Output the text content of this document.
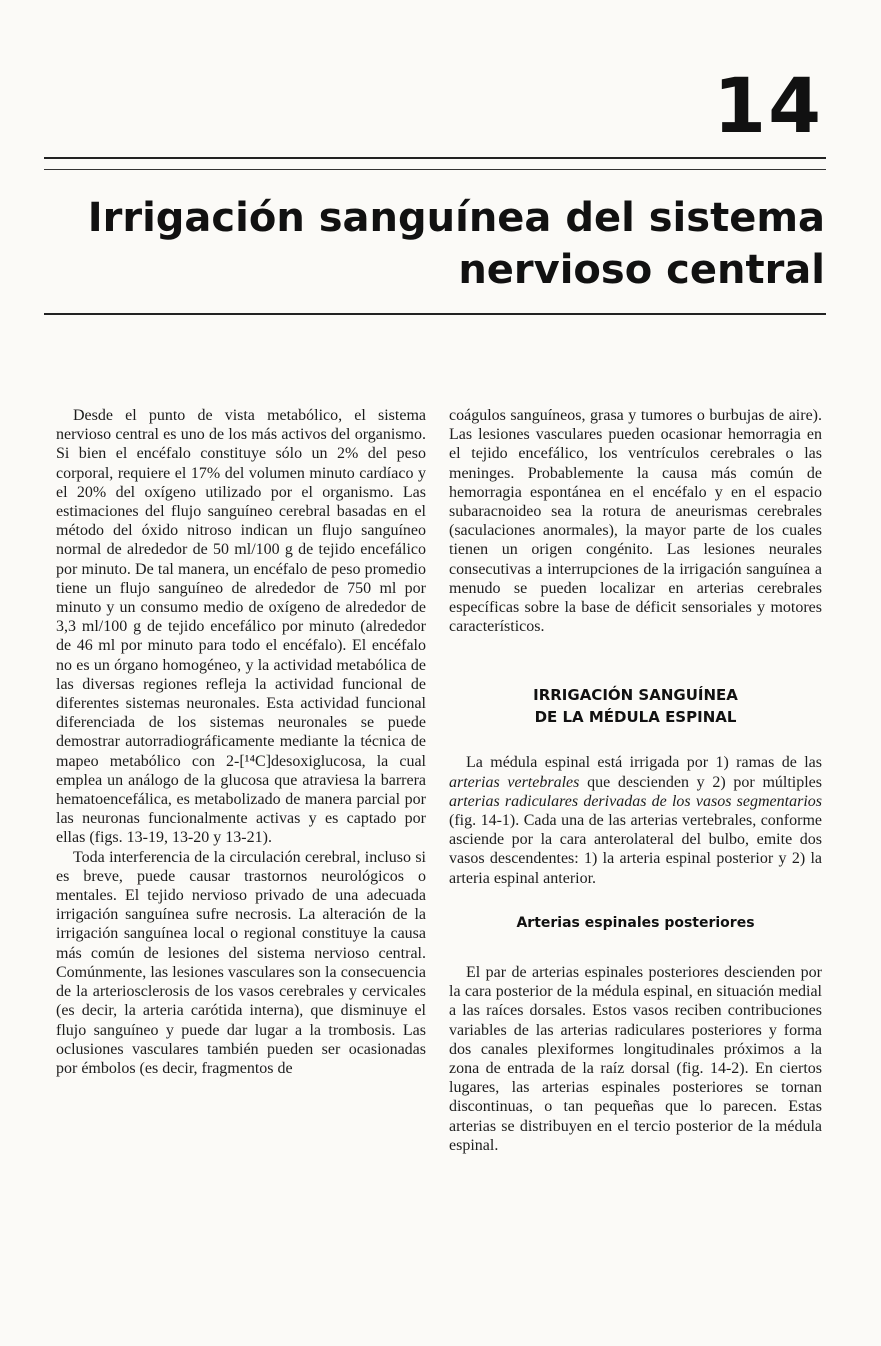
14
Irrigación sanguínea del sistema nervioso central

Desde el punto de vista metabólico, el sistema nervioso central es uno de los más activos del organismo. Si bien el encéfalo constituye sólo un 2% del peso corporal, requiere el 17% del volumen minuto cardíaco y el 20% del oxígeno utilizado por el organismo. Las estimaciones del flujo sanguíneo cerebral basadas en el método del óxido nitroso indican un flujo sanguíneo normal de alrededor de 50 ml/100 g de tejido encefálico por minuto. De tal manera, un encéfalo de peso promedio tiene un flujo sanguíneo de alrededor de 750 ml por minuto y un consumo medio de oxígeno de alrededor de 3,3 ml/100 g de tejido encefálico por minuto (alrededor de 46 ml por minuto para todo el encéfalo). El encéfalo no es un órgano homogéneo, y la actividad metabólica de las diversas regiones refleja la actividad funcional de diferentes sistemas neuronales. Esta actividad funcional diferenciada de los sistemas neuronales se puede demostrar autorradiográficamente mediante la técnica de mapeo metabólico con 2-[¹⁴C]desoxiglucosa, la cual emplea un análogo de la glucosa que atraviesa la barrera hematoencefálica, es metabolizado de manera parcial por las neuronas funcionalmente activas y es captado por ellas (figs. 13-19, 13-20 y 13-21).

Toda interferencia de la circulación cerebral, incluso si es breve, puede causar trastornos neurológicos o mentales. El tejido nervioso privado de una adecuada irrigación sanguínea sufre necrosis. La alteración de la irrigación sanguínea local o regional constituye la causa más común de lesiones del sistema nervioso central. Comúnmente, las lesiones vasculares son la consecuencia de la arteriosclerosis de los vasos cerebrales y cervicales (es decir, la arteria carótida interna), que disminuye el flujo sanguíneo y puede dar lugar a la trombosis. Las oclusiones vasculares también pueden ser ocasionadas por émbolos (es decir, fragmentos de

coágulos sanguíneos, grasa y tumores o burbujas de aire). Las lesiones vasculares pueden ocasionar hemorragia en el tejido encefálico, los ventrículos cerebrales o las meninges. Probablemente la causa más común de hemorragia espontánea en el encéfalo y en el espacio subaracnoideo sea la rotura de aneurismas cerebrales (saculaciones anormales), la mayor parte de los cuales tienen un origen congénito. Las lesiones neurales consecutivas a interrupciones de la irrigación sanguínea a menudo se pueden localizar en arterias cerebrales específicas sobre la base de déficit sensoriales y motores característicos.

IRRIGACIÓN SANGUÍNEA
DE LA MÉDULA ESPINAL

La médula espinal está irrigada por 1) ramas de las arterias vertebrales que descienden y 2) por múltiples arterias radiculares derivadas de los vasos segmentarios (fig. 14-1). Cada una de las arterias vertebrales, conforme asciende por la cara anterolateral del bulbo, emite dos vasos descendentes: 1) la arteria espinal posterior y 2) la arteria espinal anterior.

Arterias espinales posteriores

El par de arterias espinales posteriores descienden por la cara posterior de la médula espinal, en situación medial a las raíces dorsales. Estos vasos reciben contribuciones variables de las arterias radiculares posteriores y forma dos canales plexiformes longitudinales próximos a la zona de entrada de la raíz dorsal (fig. 14-2). En ciertos lugares, las arterias espinales posteriores se tornan discontinuas, o tan pequeñas que lo parecen. Estas arterias se distribuyen en el tercio posterior de la médula espinal.
